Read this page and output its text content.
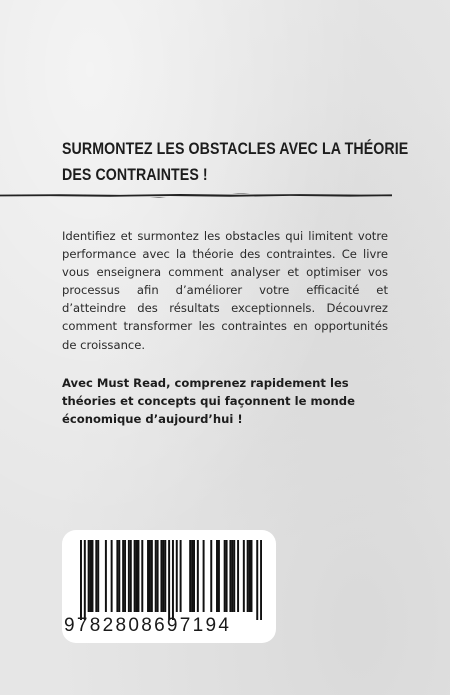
SURMONTEZ LES OBSTACLES AVEC LA THÉORIE
DES CONTRAINTES !

Identifiez et surmontez les obstacles qui limitent votre performance avec la théorie des contraintes. Ce livre vous enseignera comment analyser et optimiser vos processus afin d’améliorer votre efficacité et d’atteindre des résultats exceptionnels. Découvrez comment transformer les contraintes en opportunités de croissance.

Avec Must Read, comprenez rapidement les théories et concepts qui façonnent le monde économique d’aujourd’hui !

9782808697194
